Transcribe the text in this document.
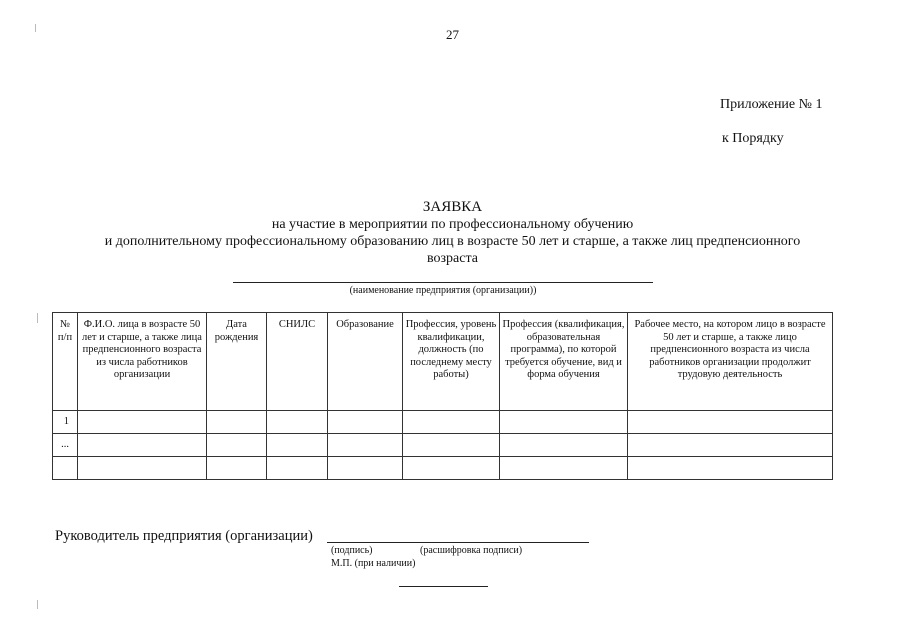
27
Приложение № 1
к Порядку
ЗАЯВКА
на участие в мероприятии по профессиональному обучению
и дополнительному профессиональному образованию лиц в возрасте 50 лет и старше, а также лиц предпенсионного
возраста
(наименование предприятия (организации))
№ п/п	Ф.И.О. лица в возрасте 50 лет и старше, а также лица предпенсионного возраста из числа работников организации	Дата рождения	СНИЛС	Образование	Профессия, уровень квалификации, должность (по последнему месту работы)	Профессия (квалификация, образовательная программа), по которой требуется обучение, вид и форма обучения	Рабочее место, на котором лицо в возрасте 50 лет и старше, а также лицо предпенсионного возраста из числа работников организации продолжит трудовую деятельность
1							
...							

Руководитель предприятия (организации)
(подпись)	(расшифровка подписи)
М.П. (при наличии)
